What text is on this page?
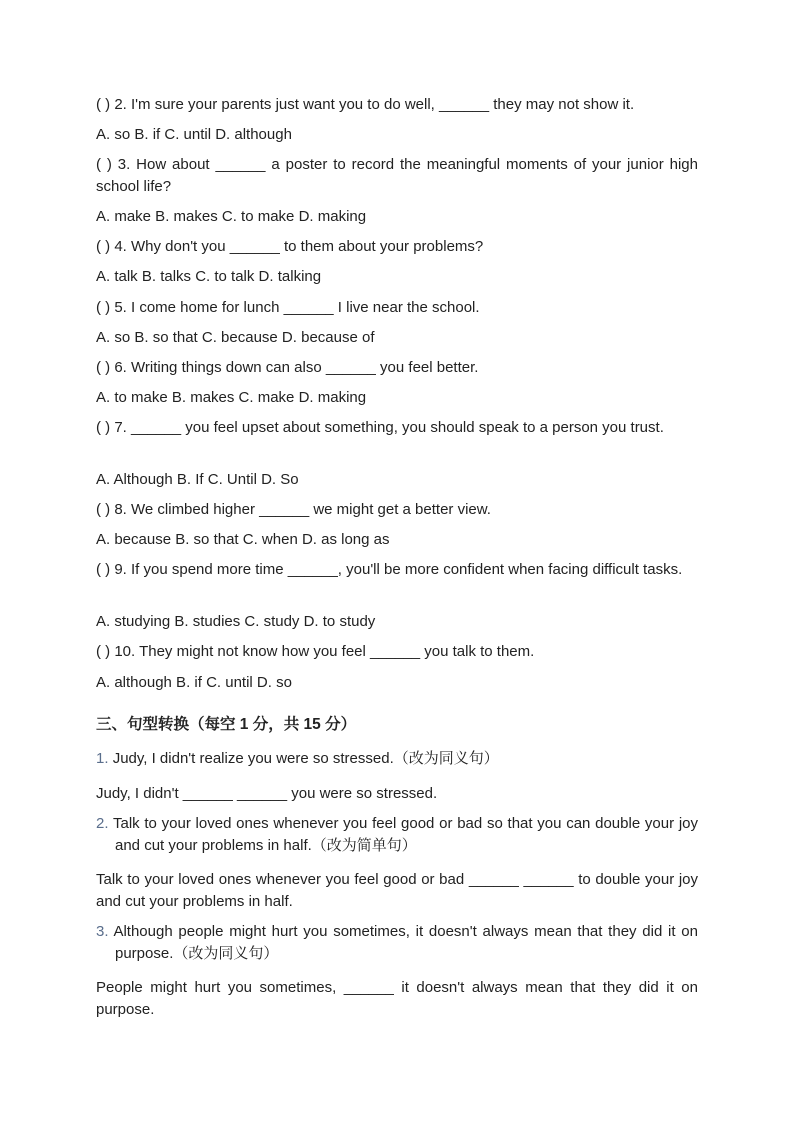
( ) 2. I'm sure your parents just want you to do well, ______ they may not show it.
A. so B. if C. until D. although
( ) 3. How about ______ a poster to record the meaningful moments of your junior high school life?
A. make B. makes C. to make D. making
( ) 4. Why don't you ______ to them about your problems?
A. talk B. talks C. to talk D. talking
( ) 5. I come home for lunch ______ I live near the school.
A. so B. so that C. because D. because of
( ) 6. Writing things down can also ______ you feel better.
A. to make B. makes C. make D. making
( ) 7. ______ you feel upset about something, you should speak to a person you trust.
A. Although B. If C. Until D. So
( ) 8. We climbed higher ______ we might get a better view.
A. because B. so that C. when D. as long as
( ) 9. If you spend more time ______, you'll be more confident when facing difficult tasks.
A. studying B. studies C. study D. to study
( ) 10. They might not know how you feel ______ you talk to them.
A. although B. if C. until D. so
三、句型转换（每空 1 分，共 15 分）
1. Judy, I didn't realize you were so stressed.（改为同义句）
Judy, I didn't ______ ______ you were so stressed.
2. Talk to your loved ones whenever you feel good or bad so that you can double your joy and cut your problems in half.（改为简单句）
Talk to your loved ones whenever you feel good or bad ______ ______ to double your joy and cut your problems in half.
3. Although people might hurt you sometimes, it doesn't always mean that they did it on purpose.（改为同义句）
People might hurt you sometimes, ______ it doesn't always mean that they did it on purpose.
